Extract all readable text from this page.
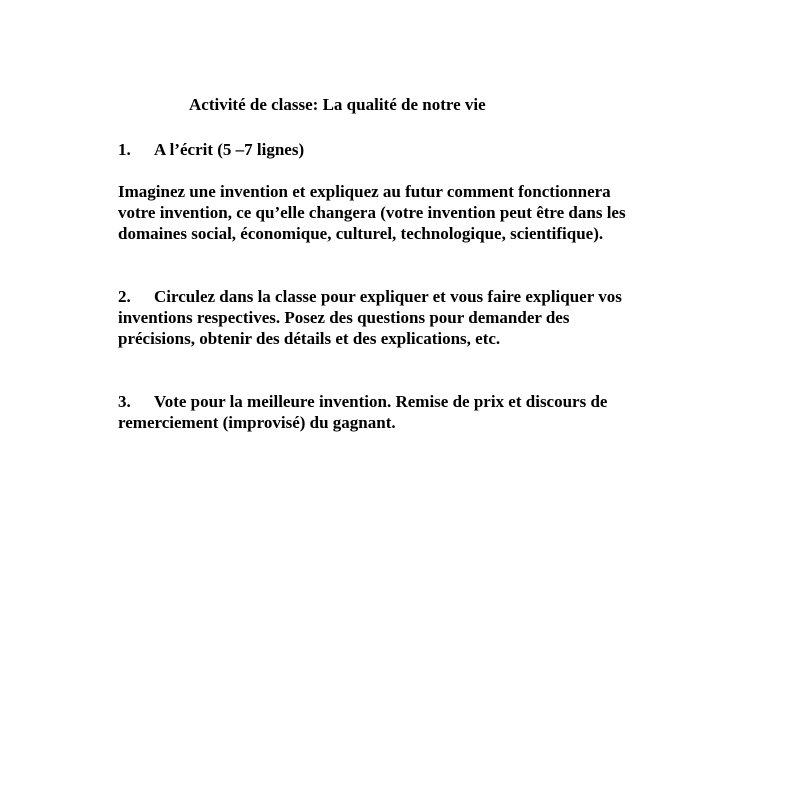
Activité de classe: La qualité de notre vie
1. A l’écrit (5 –7 lignes)
Imaginez une invention et expliquez au futur comment fonctionnera
votre invention, ce qu’elle changera (votre invention peut être dans les
domaines social, économique, culturel, technologique, scientifique).
2. Circulez dans la classe pour expliquer et vous faire expliquer vos
inventions respectives. Posez des questions pour demander des
précisions, obtenir des détails et des explications, etc.
3. Vote pour la meilleure invention. Remise de prix et discours de
remerciement (improvisé) du gagnant.
